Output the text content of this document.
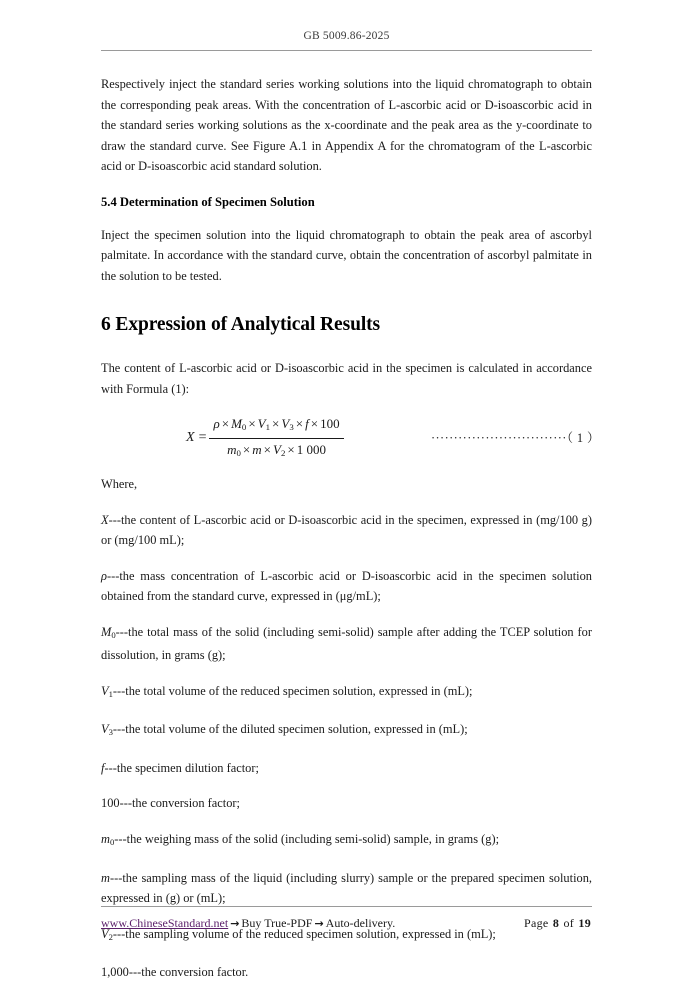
GB 5009.86-2025

Respectively inject the standard series working solutions into the liquid chromatograph to obtain the corresponding peak areas. With the concentration of L-ascorbic acid or D-isoascorbic acid in the standard series working solutions as the x-coordinate and the peak area as the y-coordinate to draw the standard curve. See Figure A.1 in Appendix A for the chromatogram of the L-ascorbic acid or D-isoascorbic acid standard solution.

5.4 Determination of Specimen Solution

Inject the specimen solution into the liquid chromatograph to obtain the peak area of ascorbyl palmitate. In accordance with the standard curve, obtain the concentration of ascorbyl palmitate in the solution to be tested.

6 Expression of Analytical Results

The content of L-ascorbic acid or D-isoascorbic acid in the specimen is calculated in accordance with Formula (1):

$X = \frac{\rho \times M_0 \times V_1 \times V_3 \times f \times 100}{m_0 \times m \times V_2 \times 1 000}$	······························（ 1 ）

Where,

X---the content of L-ascorbic acid or D-isoascorbic acid in the specimen, expressed in (mg/100 g) or (mg/100 mL);

ρ---the mass concentration of L-ascorbic acid or D-isoascorbic acid in the specimen solution obtained from the standard curve, expressed in (μg/mL);

$M_0--$-the total mass of the solid (including semi-solid) sample after adding the TCEP solution for dissolution, in grams (g);

$V_1--$-the total volume of the reduced specimen solution, expressed in (mL);

$V_3--$-the total volume of the diluted specimen solution, expressed in (mL);

f---the specimen dilution factor;

100---the conversion factor;

$m_0--$-the weighing mass of the solid (including semi-solid) sample, in grams (g);

m---the sampling mass of the liquid (including slurry) sample or the prepared specimen solution, expressed in (g) or (mL);

$V_2--$-the sampling volume of the reduced specimen solution, expressed in (mL);

1,000---the conversion factor.

www.ChineseStandard.net → Buy True-PDF → Auto-delivery.	Page 8 of 19
